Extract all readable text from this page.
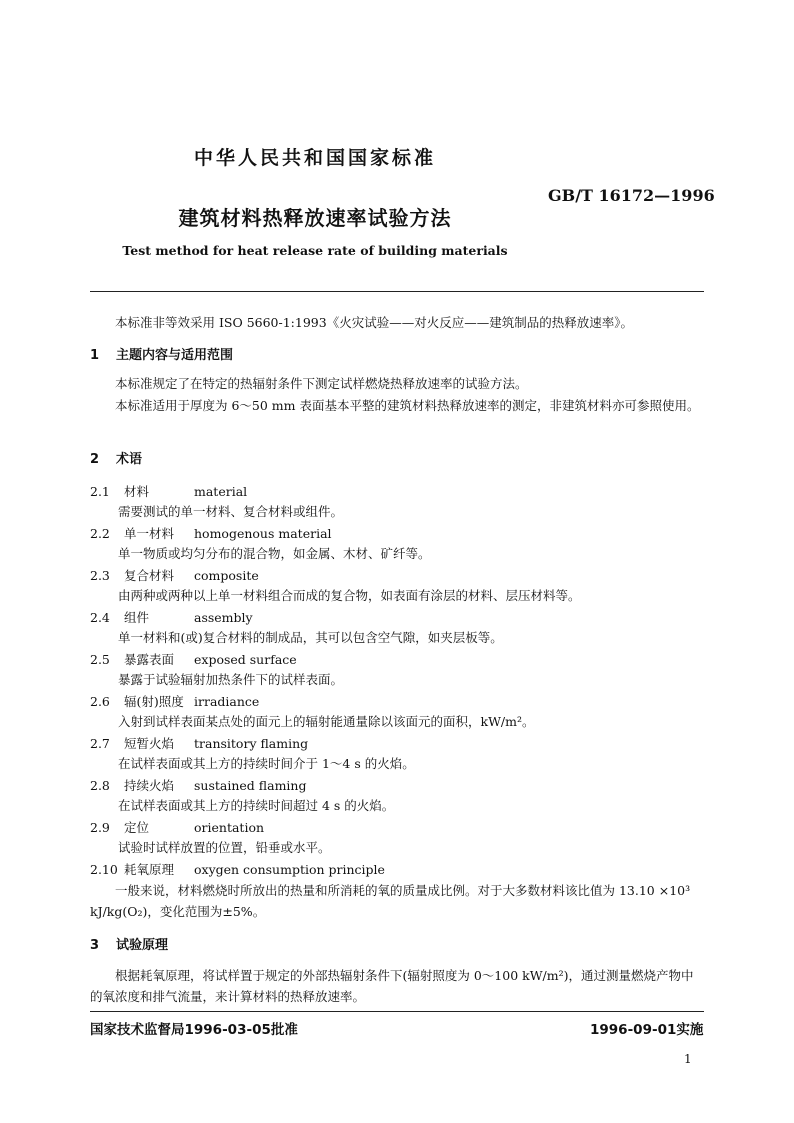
中华人民共和国国家标准
GB/T 16172—1996
建筑材料热释放速率试验方法
Test method for heat release rate of building materials
本标准非等效采用 ISO 5660-1:1993《火灾试验——对火反应——建筑制品的热释放速率》。
1 主题内容与适用范围
本标准规定了在特定的热辐射条件下测定试样燃烧热释放速率的试验方法。
本标准适用于厚度为 6～50 mm 表面基本平整的建筑材料热释放速率的测定，非建筑材料亦可参照使用。
2 术语
2.1 材料	material
需要测试的单一材料、复合材料或组件。
2.2 单一材料 homogenous material
单一物质或均匀分布的混合物，如金属、木材、矿纤等。
2.3 复合材料 composite
由两种或两种以上单一材料组合而成的复合物，如表面有涂层的材料、层压材料等。
2.4 组件	assembly
单一材料和(或)复合材料的制成品，其可以包含空气隙，如夹层板等。
2.5 暴露表面 exposed surface
暴露于试验辐射加热条件下的试样表面。
2.6 辐(射)照度 irradiance
入射到试样表面某点处的面元上的辐射能通量除以该面元的面积，kW/m²。
2.7 短暂火焰 transitory flaming
在试样表面或其上方的持续时间介于 1～4 s 的火焰。
2.8 持续火焰 sustained flaming
在试样表面或其上方的持续时间超过 4 s 的火焰。
2.9 定位	orientation
试验时试样放置的位置，铅垂或水平。
2.10 耗氧原理 oxygen consumption principle
一般来说，材料燃烧时所放出的热量和所消耗的氧的质量成比例。对于大多数材料该比值为 13.10 ×10³ kJ/kg(O₂)，变化范围为±5%。
3 试验原理
根据耗氧原理，将试样置于规定的外部热辐射条件下(辐射照度为 0～100 kW/m²)，通过测量燃烧产物中的氧浓度和排气流量，来计算材料的热释放速率。
国家技术监督局1996-03-05批准	1996-09-01实施
1
